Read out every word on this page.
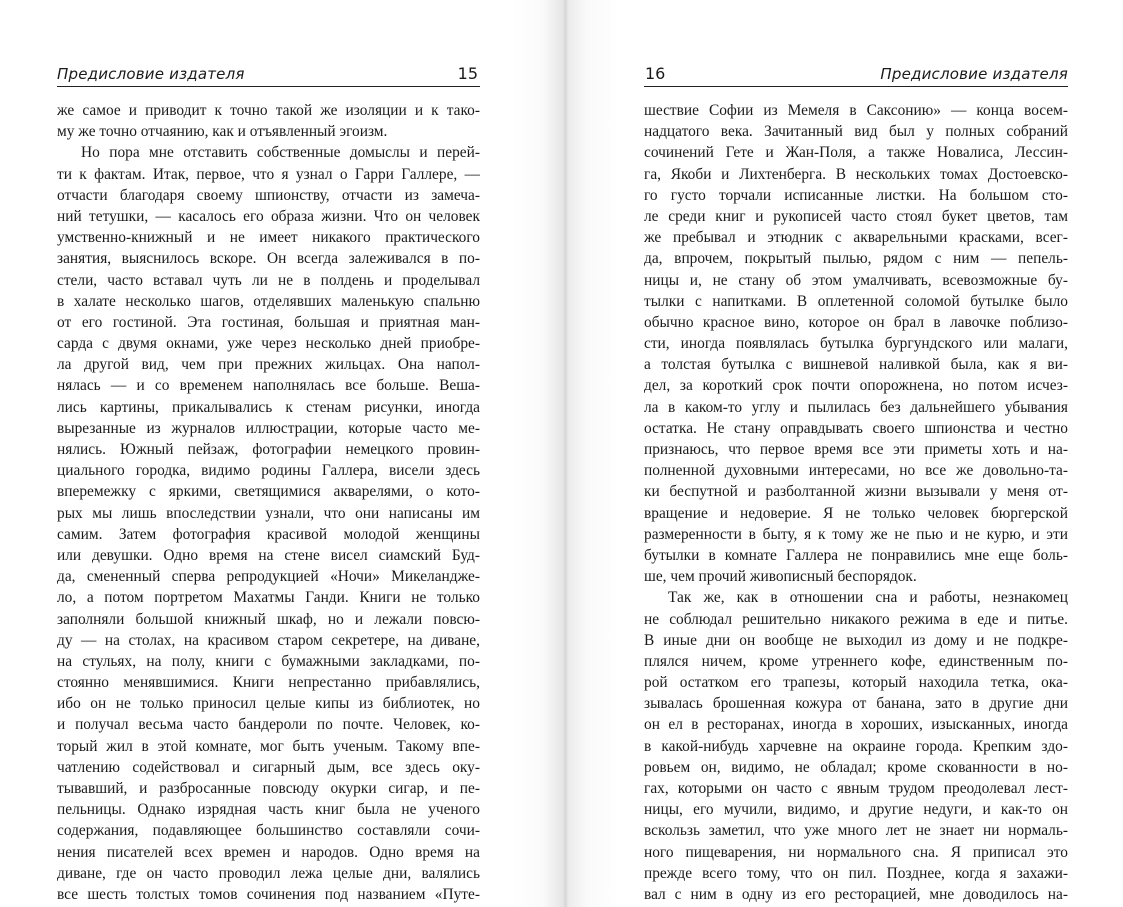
Предисловие издателя	15
же самое и приводит к точно такой же изоляции и к тако-
му же точно отчаянию, как и отъявленный эгоизм.
Но пора мне отставить собственные домыслы и перей-
ти к фактам. Итак, первое, что я узнал о Гарри Галлере, —
отчасти благодаря своему шпионству, отчасти из замеча-
ний тетушки, — касалось его образа жизни. Что он человек
умственно-книжный и не имеет никакого практического
занятия, выяснилось вскоре. Он всегда залеживался в по-
стели, часто вставал чуть ли не в полдень и проделывал
в халате несколько шагов, отделявших маленькую спальню
от его гостиной. Эта гостиная, большая и приятная ман-
сарда с двумя окнами, уже через несколько дней приобре-
ла другой вид, чем при прежних жильцах. Она напол-
нялась — и со временем наполнялась все больше. Веша-
лись картины, прикалывались к стенам рисунки, иногда
вырезанные из журналов иллюстрации, которые часто ме-
нялись. Южный пейзаж, фотографии немецкого провин-
циального городка, видимо родины Галлера, висели здесь
вперемежку с яркими, светящимися акварелями, о кото-
рых мы лишь впоследствии узнали, что они написаны им
самим. Затем фотография красивой молодой женщины
или девушки. Одно время на стене висел сиамский Буд-
да, смененный сперва репродукцией «Ночи» Микеландже-
ло, а потом портретом Махатмы Ганди. Книги не только
заполняли большой книжный шкаф, но и лежали повсю-
ду — на столах, на красивом старом секретере, на диване,
на стульях, на полу, книги с бумажными закладками, по-
стоянно менявшимися. Книги непрестанно прибавлялись,
ибо он не только приносил целые кипы из библиотек, но
и получал весьма часто бандероли по почте. Человек, ко-
торый жил в этой комнате, мог быть ученым. Такому впе-
чатлению содействовал и сигарный дым, все здесь оку-
тывавший, и разбросанные повсюду окурки сигар, и пе-
пельницы. Однако изрядная часть книг была не ученого
содержания, подавляющее большинство составляли сочи-
нения писателей всех времен и народов. Одно время на
диване, где он часто проводил лежа целые дни, валялись
все шесть толстых томов сочинения под названием «Путе-
16	Предисловие издателя
шествие Софии из Мемеля в Саксонию» — конца восем-
надцатого века. Зачитанный вид был у полных собраний
сочинений Гете и Жан-Поля, а также Новалиса, Лессин-
га, Якоби и Лихтенберга. В нескольких томах Достоевско-
го густо торчали исписанные листки. На большом сто-
ле среди книг и рукописей часто стоял букет цветов, там
же пребывал и этюдник с акварельными красками, всег-
да, впрочем, покрытый пылью, рядом с ним — пепель-
ницы и, не стану об этом умалчивать, всевозможные бу-
тылки с напитками. В оплетенной соломой бутылке было
обычно красное вино, которое он брал в лавочке поблизо-
сти, иногда появлялась бутылка бургундского или малаги,
а толстая бутылка с вишневой наливкой была, как я ви-
дел, за короткий срок почти опорожнена, но потом исчез-
ла в каком-то углу и пылилась без дальнейшего убывания
остатка. Не стану оправдывать своего шпионства и честно
признаюсь, что первое время все эти приметы хоть и на-
полненной духовными интересами, но все же довольно-та-
ки беспутной и разболтанной жизни вызывали у меня от-
вращение и недоверие. Я не только человек бюргерской
размеренности в быту, я к тому же не пью и не курю, и эти
бутылки в комнате Галлера не понравились мне еще боль-
ше, чем прочий живописный беспорядок.
Так же, как в отношении сна и работы, незнакомец
не соблюдал решительно никакого режима в еде и питье.
В иные дни он вообще не выходил из дому и не подкре-
плялся ничем, кроме утреннего кофе, единственным по-
рой остатком его трапезы, который находила тетка, ока-
зывалась брошенная кожура от банана, зато в другие дни
он ел в ресторанах, иногда в хороших, изысканных, иногда
в какой-нибудь харчевне на окраине города. Крепким здо-
ровьем он, видимо, не обладал; кроме скованности в но-
гах, которыми он часто с явным трудом преодолевал лест-
ницы, его мучили, видимо, и другие недуги, и как-то он
вскользь заметил, что уже много лет не знает ни нормаль-
ного пищеварения, ни нормального сна. Я приписал это
прежде всего тому, что он пил. Позднее, когда я захажи-
вал с ним в одну из его ресторацией, мне доводилось на-
